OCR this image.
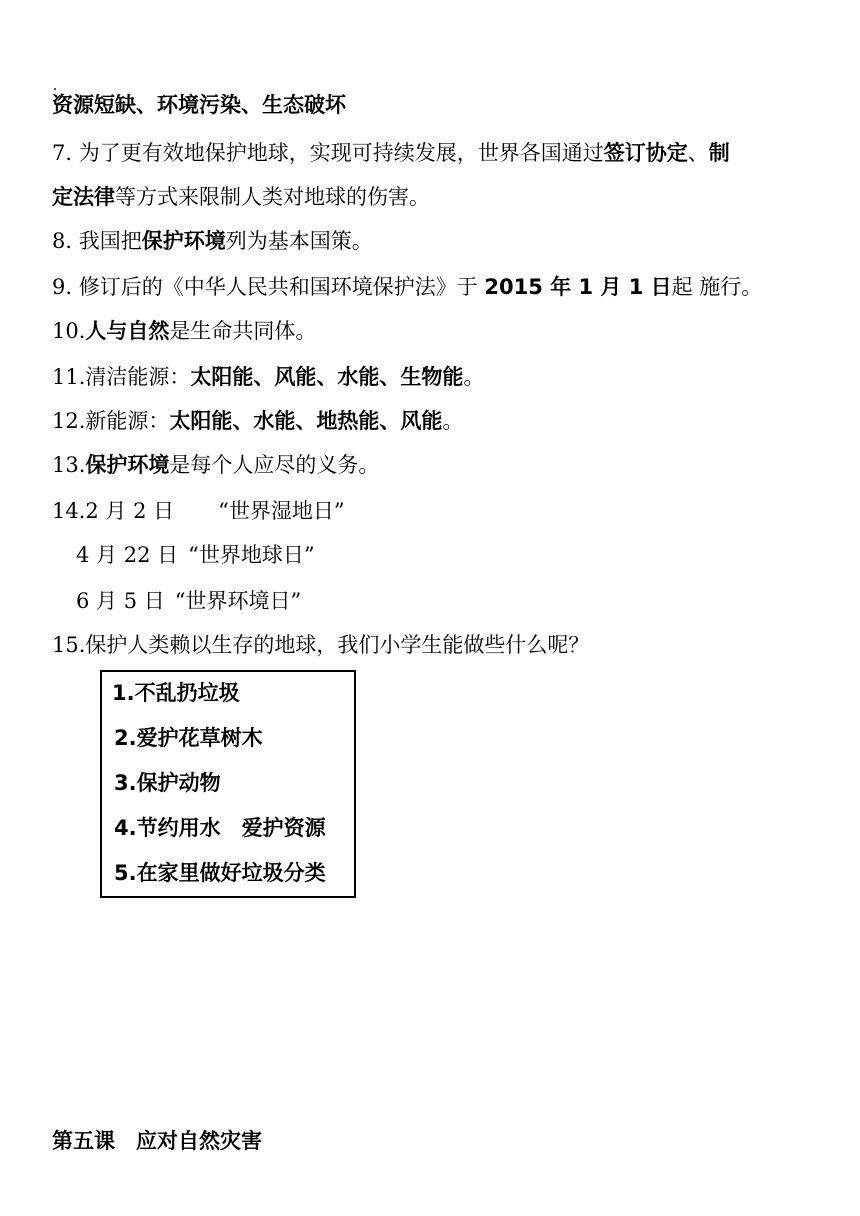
资源短缺、环境污染、生态破坏
7. 为了更有效地保护地球，实现可持续发展，世界各国通过签订协定、制
定法律等方式来限制人类对地球的伤害。
8. 我国把保护环境列为基本国策。
9. 修订后的《中华人民共和国环境保护法》于 2015 年 1 月 1 日起 施行。
10.人与自然是生命共同体。
11.清洁能源：太阳能、风能、水能、生物能。
12.新能源：太阳能、水能、地热能、风能。
13.保护环境是每个人应尽的义务。
14.2 月 2 日 “世界湿地日”
4 月 22 日 “世界地球日”
6 月 5 日 “世界环境日”
15.保护人类赖以生存的地球，我们小学生能做些什么呢？
1.不乱扔垃圾
2.爱护花草树木
3.保护动物
4.节约用水　爱护资源
5.在家里做好垃圾分类
第五课　应对自然灾害
